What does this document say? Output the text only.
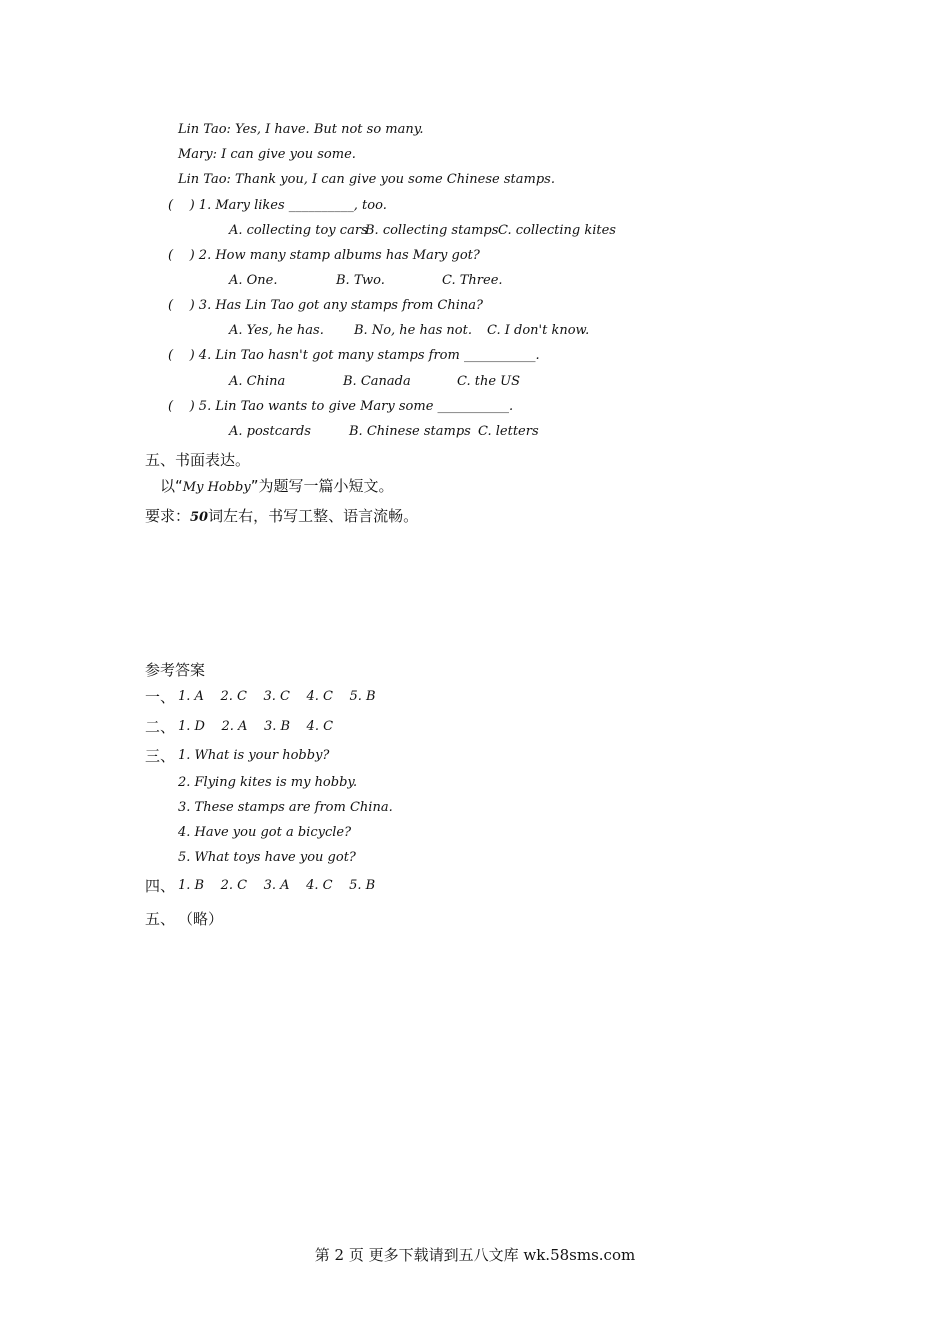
Lin Tao: Yes, I have. But not so many.
Mary: I can give you some.
Lin Tao: Thank you, I can give you some Chinese stamps.
(    ) 1. Mary likes __________, too.
A. collecting toy cars
B. collecting stamps C. collecting kites
(    ) 2. How many stamp albums has Mary got?
A. One.	B. Two.	C. Three.
(    ) 3. Has Lin Tao got any stamps from China?
A. Yes, he has. B. No, he has not. C. I don't know.
(    ) 4. Lin Tao hasn't got many stamps from ___________.
A. China	B. Canada	C. the US
(    ) 5. Lin Tao wants to give Mary some ___________.
A. postcards	B. Chinese stamps C. letters
五、书面表达。
以“My Hobby”为题写一篇小短文。
要求：50词左右，书写工整、语言流畅。
参考答案
一、 1. A    2. C    3. C    4. C    5. B
二、 1. D    2. A    3. B    4. C
三、 1. What is your hobby?
2. Flying kites is my hobby.
3. These stamps are from China.
4. Have you got a bicycle?
5. What toys have you got?
四、 1. B    2. C    3. A    4. C    5. B
五、 （略）
第 2 页 更多下载请到五八文库 wk.58sms.com
